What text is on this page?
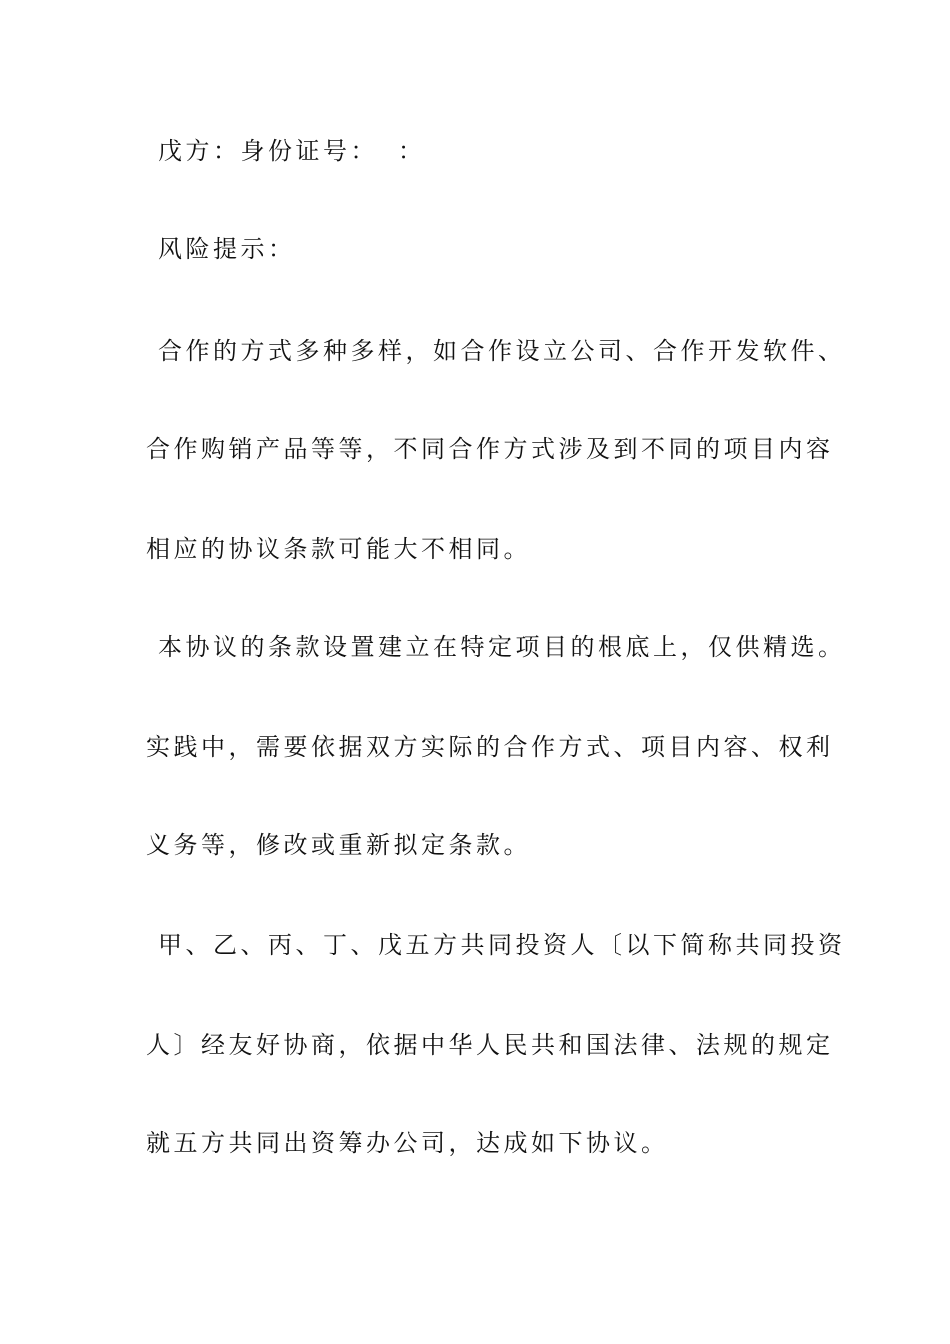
戊方：身份证号： ：
风险提示：
合作的方式多种多样，如合作设立公司、合作开发软件、
合作购销产品等等，不同合作方式涉及到不同的项目内容
相应的协议条款可能大不相同。
本协议的条款设置建立在特定项目的根底上，仅供精选。
实践中，需要依据双方实际的合作方式、项目内容、权利
义务等，修改或重新拟定条款。
甲、乙、丙、丁、戊五方共同投资人〔以下简称共同投资
人〕经友好协商，依据中华人民共和国法律、法规的规定
就五方共同出资筹办公司，达成如下协议。
